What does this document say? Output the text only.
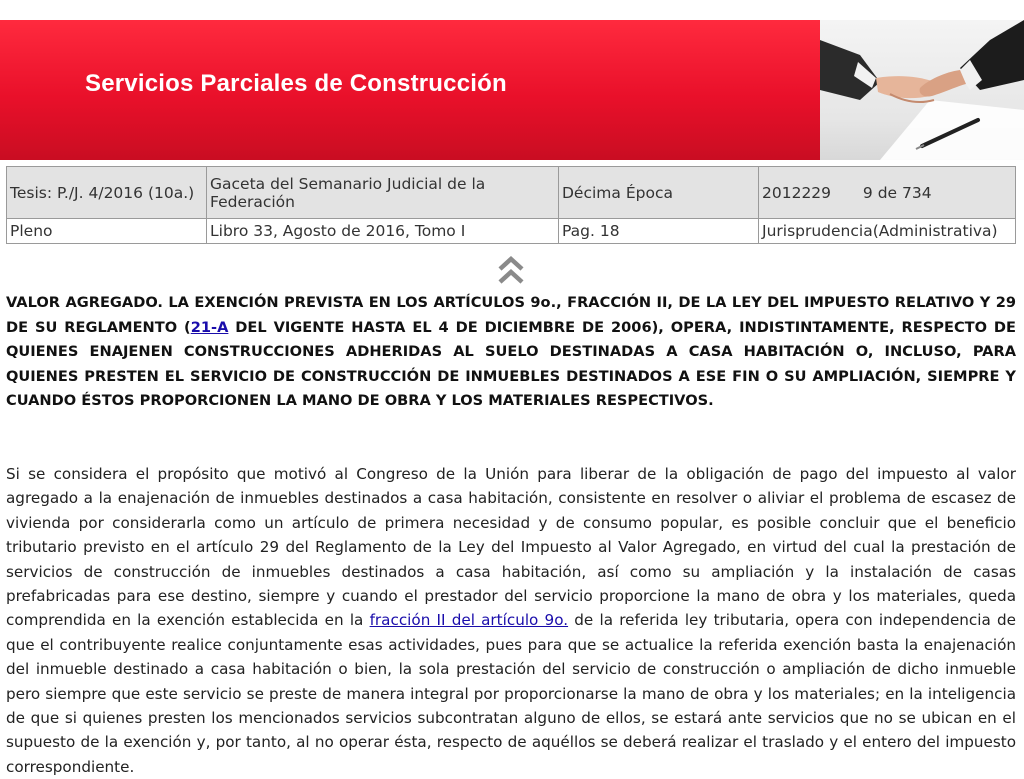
Servicios Parciales de Construcción
Tesis: P./J. 4/2016 (10a.)	Gaceta del Semanario Judicial de la Federación	Décima Época	2012229 9 de 734
Pleno	Libro 33, Agosto de 2016, Tomo I	Pag. 18	Jurisprudencia(Administrativa)
VALOR AGREGADO. LA EXENCIÓN PREVISTA EN LOS ARTÍCULOS 9o., FRACCIÓN II, DE LA LEY DEL IMPUESTO RELATIVO Y 29 DE SU REGLAMENTO (21-A DEL VIGENTE HASTA EL 4 DE DICIEMBRE DE 2006), OPERA, INDISTINTAMENTE, RESPECTO DE QUIENES ENAJENEN CONSTRUCCIONES ADHERIDAS AL SUELO DESTINADAS A CASA HABITACIÓN O, INCLUSO, PARA QUIENES PRESTEN EL SERVICIO DE CONSTRUCCIÓN DE INMUEBLES DESTINADOS A ESE FIN O SU AMPLIACIÓN, SIEMPRE Y CUANDO ÉSTOS PROPORCIONEN LA MANO DE OBRA Y LOS MATERIALES RESPECTIVOS.
Si se considera el propósito que motivó al Congreso de la Unión para liberar de la obligación de pago del impuesto al valor agregado a la enajenación de inmuebles destinados a casa habitación, consistente en resolver o aliviar el problema de escasez de vivienda por considerarla como un artículo de primera necesidad y de consumo popular, es posible concluir que el beneficio tributario previsto en el artículo 29 del Reglamento de la Ley del Impuesto al Valor Agregado, en virtud del cual la prestación de servicios de construcción de inmuebles destinados a casa habitación, así como su ampliación y la instalación de casas prefabricadas para ese destino, siempre y cuando el prestador del servicio proporcione la mano de obra y los materiales, queda comprendida en la exención establecida en la fracción II del artículo 9o. de la referida ley tributaria, opera con independencia de que el contribuyente realice conjuntamente esas actividades, pues para que se actualice la referida exención basta la enajenación del inmueble destinado a casa habitación o bien, la sola prestación del servicio de construcción o ampliación de dicho inmueble pero siempre que este servicio se preste de manera integral por proporcionarse la mano de obra y los materiales; en la inteligencia de que si quienes presten los mencionados servicios subcontratan alguno de ellos, se estará ante servicios que no se ubican en el supuesto de la exención y, por tanto, al no operar ésta, respecto de aquéllos se deberá realizar el traslado y el entero del impuesto correspondiente.
